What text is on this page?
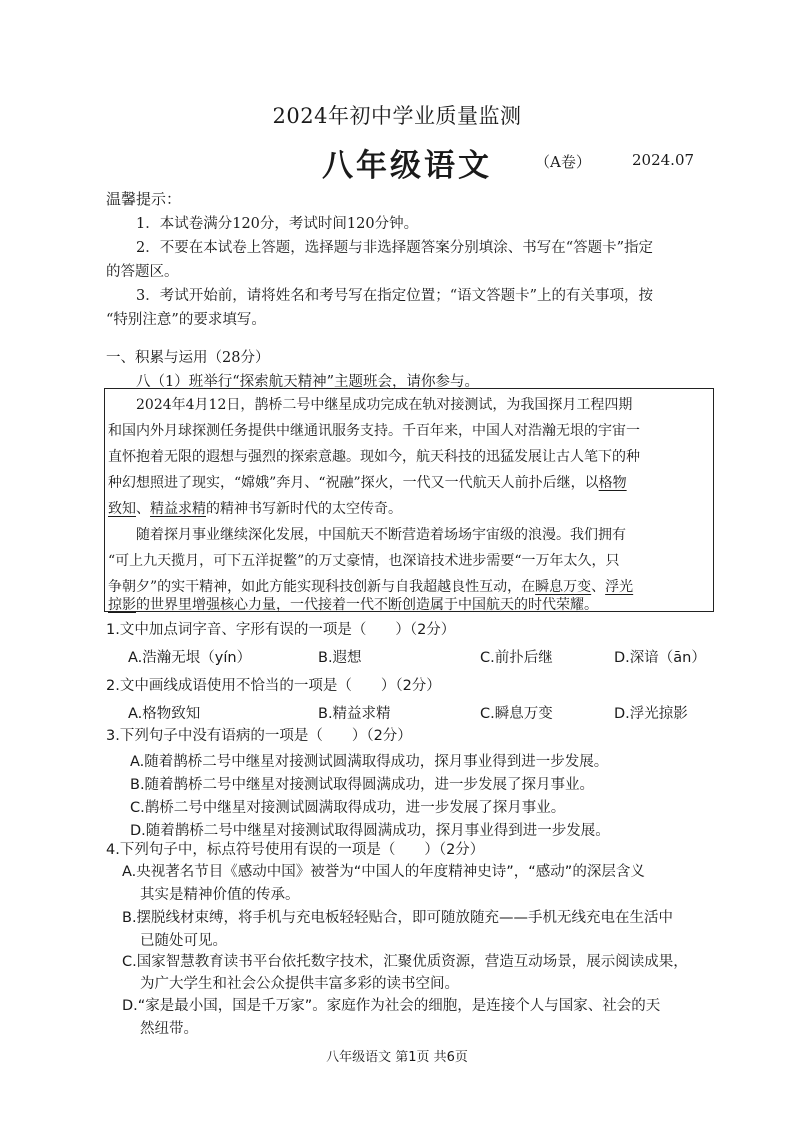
2024年初中学业质量监测
八年级语文	（A卷）	2024.07
温馨提示：
1．本试卷满分120分，考试时间120分钟。
2．不要在本试卷上答题，选择题与非选择题答案分别填涂、书写在“答题卡”指定
的答题区。
3．考试开始前，请将姓名和考号写在指定位置；“语文答题卡”上的有关事项，按
“特别注意”的要求填写。
一、积累与运用（28分）
八（1）班举行“探索航天精神”主题班会，请你参与。
2024年4月12日，鹊桥二号中继星成功完成在轨对接测试，为我国探月工程四期
和国内外月球探测任务提供中继通讯服务支持。千百年来，中国人对浩瀚无垠的宇宙一
直怀抱着无限的遐想与强烈的探索意趣。现如今，航天科技的迅猛发展让古人笔下的种
种幻想照进了现实，“嫦娥”奔月、“祝融”探火，一代又一代航天人前扑后继，以格物
致知、精益求精的精神书写新时代的太空传奇。
随着探月事业继续深化发展，中国航天不断营造着场场宇宙级的浪漫。我们拥有
“可上九天揽月，可下五洋捉鳖”的万丈豪情，也深谙技术进步需要“一万年太久，只
争朝夕”的实干精神，如此方能实现科技创新与自我超越良性互动，在瞬息万变、浮光
掠影的世界里增强核心力量，一代接着一代不断创造属于中国航天的时代荣耀。
1.文中加点词字音、字形有误的一项是（　　）（2分）
A.浩瀚无垠（yín）	B.遐想	C.前扑后继	D.深谙（ān）
2.文中画线成语使用不恰当的一项是（　　）（2分）
A.格物致知	B.精益求精	C.瞬息万变	D.浮光掠影
3.下列句子中没有语病的一项是（　　）（2分）
A.随着鹊桥二号中继星对接测试圆满取得成功，探月事业得到进一步发展。
B.随着鹊桥二号中继星对接测试取得圆满成功，进一步发展了探月事业。
C.鹊桥二号中继星对接测试圆满取得成功，进一步发展了探月事业。
D.随着鹊桥二号中继星对接测试取得圆满成功，探月事业得到进一步发展。
4.下列句子中，标点符号使用有误的一项是（　　）（2分）
A.央视著名节目《感动中国》被誉为“中国人的年度精神史诗”，“感动”的深层含义
其实是精神价值的传承。
B.摆脱线材束缚，将手机与充电板轻轻贴合，即可随放随充——手机无线充电在生活中
已随处可见。
C.国家智慧教育读书平台依托数字技术，汇聚优质资源，营造互动场景，展示阅读成果，
为广大学生和社会公众提供丰富多彩的读书空间。
D.“家是最小国，国是千万家”。家庭作为社会的细胞，是连接个人与国家、社会的天
然纽带。
八年级语文 第1页 共6页
